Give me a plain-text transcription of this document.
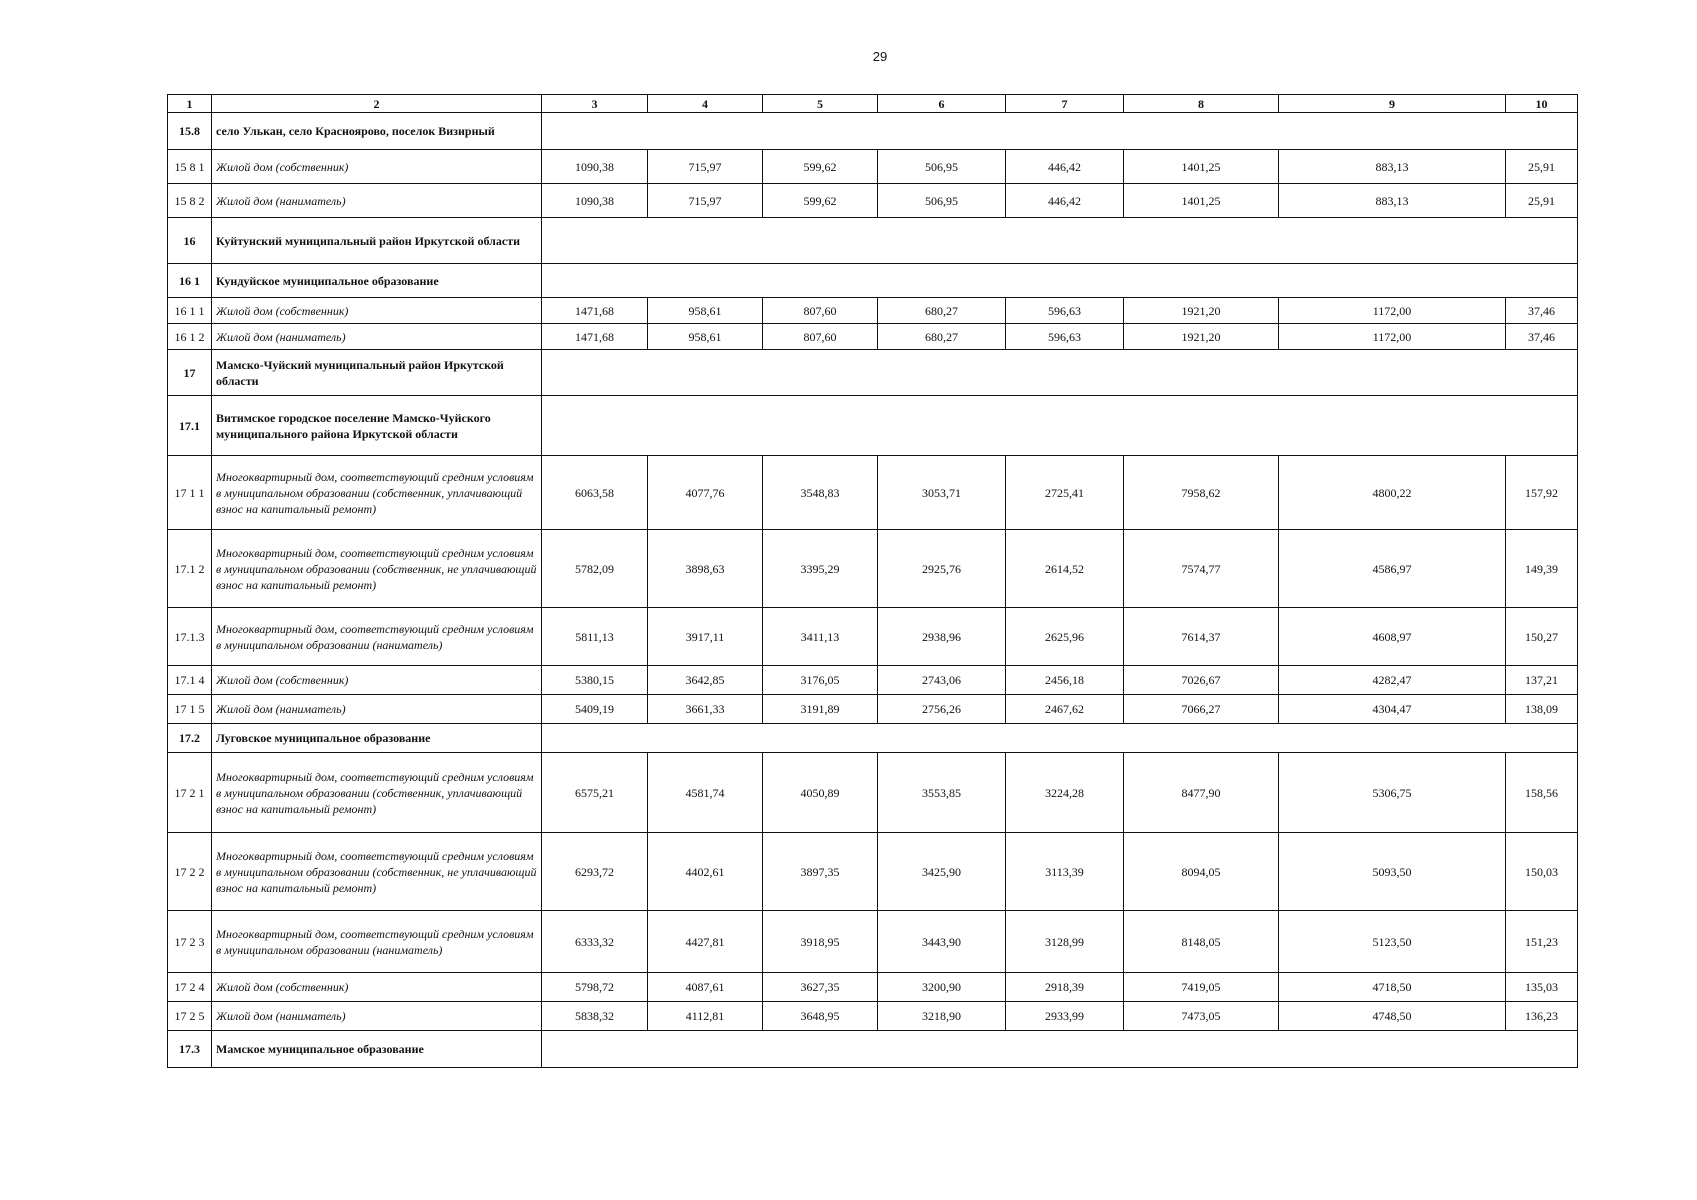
29
1	2	3	4	5	6	7	8	9	10
15.8	село Улькан, село Красноярово, поселок Визирный								
15 8 1	Жилой дом (собственник)	1090,38	715,97	599,62	506,95	446,42	1401,25	883,13	25,91
15 8 2	Жилой дом (наниматель)	1090,38	715,97	599,62	506,95	446,42	1401,25	883,13	25,91
16	Куйтунский муниципальный район Иркутской области								
16 1	Кундуйское муниципальное образование								
16 1 1	Жилой дом (собственник)	1471,68	958,61	807,60	680,27	596,63	1921,20	1172,00	37,46
16 1 2	Жилой дом (наниматель)	1471,68	958,61	807,60	680,27	596,63	1921,20	1172,00	37,46
17	Мамско-Чуйский муниципальный район Иркутской области								
17.1	Витимское городское поселение Мамско-Чуйского муниципального района Иркутской области								
17 1 1	Многоквартирный дом, соответствующий средним условиям в муниципальном образовании (собственник, уплачивающий взнос на капитальный ремонт)	6063,58	4077,76	3548,83	3053,71	2725,41	7958,62	4800,22	157,92
17.1 2	Многоквартирный дом, соответствующий средним условиям в муниципальном образовании (собственник, не уплачивающий взнос на капитальный ремонт)	5782,09	3898,63	3395,29	2925,76	2614,52	7574,77	4586,97	149,39
17.1.3	Многоквартирный дом, соответствующий средним условиям в муниципальном образовании (наниматель)	5811,13	3917,11	3411,13	2938,96	2625,96	7614,37	4608,97	150,27
17.1 4	Жилой дом (собственник)	5380,15	3642,85	3176,05	2743,06	2456,18	7026,67	4282,47	137,21
17 1 5	Жилой дом (наниматель)	5409,19	3661,33	3191,89	2756,26	2467,62	7066,27	4304,47	138,09
17.2	Луговское муниципальное образование								
17 2 1	Многоквартирный дом, соответствующий средним условиям в муниципальном образовании (собственник, уплачивающий взнос на капитальный ремонт)	6575,21	4581,74	4050,89	3553,85	3224,28	8477,90	5306,75	158,56
17 2 2	Многоквартирный дом, соответствующий средним условиям в муниципальном образовании (собственник, не уплачивающий взнос на капитальный ремонт)	6293,72	4402,61	3897,35	3425,90	3113,39	8094,05	5093,50	150,03
17 2 3	Многоквартирный дом, соответствующий средним условиям в муниципальном образовании (наниматель)	6333,32	4427,81	3918,95	3443,90	3128,99	8148,05	5123,50	151,23
17 2 4	Жилой дом (собственник)	5798,72	4087,61	3627,35	3200,90	2918,39	7419,05	4718,50	135,03
17 2 5	Жилой дом (наниматель)	5838,32	4112,81	3648,95	3218,90	2933,99	7473,05	4748,50	136,23
17.3	Мамское муниципальное образование								
